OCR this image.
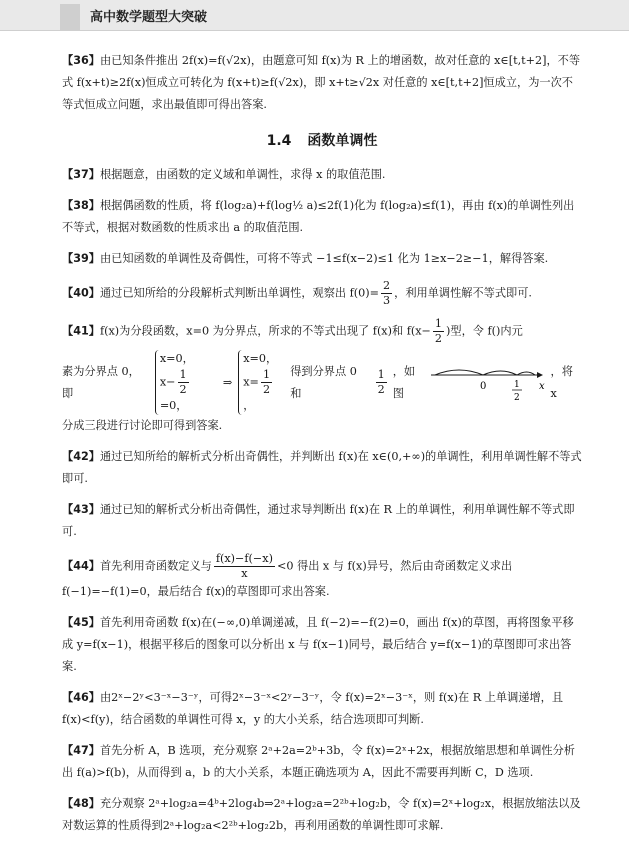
高中数学题型大突破
【36】由已知条件推出 2f(x)=f(√2x)，由题意可知 f(x)为 R 上的增函数，故对任意的 x∈[t,t+2]，不等式 f(x+t)≥2f(x)恒成立可转化为 f(x+t)≥f(√2x)，即 x+t≥√2x 对任意的 x∈[t,t+2]恒成立，为一次不等式恒成立问题，求出最值即可得出答案.
1.4 函数单调性
【37】根据题意，由函数的定义域和单调性，求得 x 的取值范围.
【38】根据偶函数的性质，将 f(log₂a)+f(log½ a)≤2f(1)化为 f(log₂a)≤f(1)，再由 f(x)的单调性列出不等式，根据对数函数的性质求出 a 的取值范围.
【39】由已知函数的单调性及奇偶性，可将不等式 −1≤f(x−2)≤1 化为 1≥x−2≥−1，解得答案.
【40】通过已知所给的分段解析式判断出单调性，观察出 $f(0)= \frac{2}{3}$ ，利用单调性解不等式即可.
【41】f(x)为分段函数，x=0 为分界点，所求的不等式出现了 f(x)和 $f(x- \frac{1}{2}$ )型，令 f()内元
素为分界点 0，即
x=0，
$x- \frac{1}{2}$
=0，
⇒
x=0，
$x= \frac{1}{2}$
，
得到分界点 0 和	$\frac{1}{2}$ ，如图
0	1
2
x
，将 x
分成三段进行讨论即可得到答案.
【42】通过已知所给的解析式分析出奇偶性，并判断出 f(x)在 x∈(0,+∞)的单调性，利用单调性解不等式即可.
【43】通过已知的解析式分析出奇偶性，通过求导判断出 f(x)在 R 上的单调性，利用单调性解不等式即可.
【44】首先利用奇函数定义与 $\frac{f(x)-f(-x)}{x} <0$ 得出 x 与 f(x)异号，然后由奇函数定义求出 f(−1)=−f(1)=0，最后结合 f(x)的草图即可求出答案.
【45】首先利用奇函数 f(x)在(−∞,0)单调递减，且 f(−2)=−f(2)=0，画出 f(x)的草图，再将图象平移成 y=f(x−1)，根据平移后的图象可以分析出 x 与 f(x−1)同号，最后结合 y=f(x−1)的草图即可求出答案.
【46】由2ˣ−2ʸ<3⁻ˣ−3⁻ʸ，可得2ˣ−3⁻ˣ<2ʸ−3⁻ʸ，令 f(x)=2ˣ−3⁻ˣ，则 f(x)在 R 上单调递增，且 f(x)<f(y)，结合函数的单调性可得 x，y 的大小关系，结合选项即可判断.
【47】首先分析 A，B 选项，充分观察 2ᵃ+2a=2ᵇ+3b，令 f(x)=2ˣ+2x，根据放缩思想和单调性分析出 f(a)>f(b)，从而得到 a，b 的大小关系，本题正确选项为 A，因此不需要再判断 C，D 选项.
【48】充分观察 2ᵃ+log₂a=4ᵇ+2log₄b⇒2ᵃ+log₂a=2²ᵇ+log₂b，令 f(x)=2ˣ+log₂x，根据放缩法以及对数运算的性质得到2ᵃ+log₂a<2²ᵇ+log₂2b，再利用函数的单调性即可求解.
